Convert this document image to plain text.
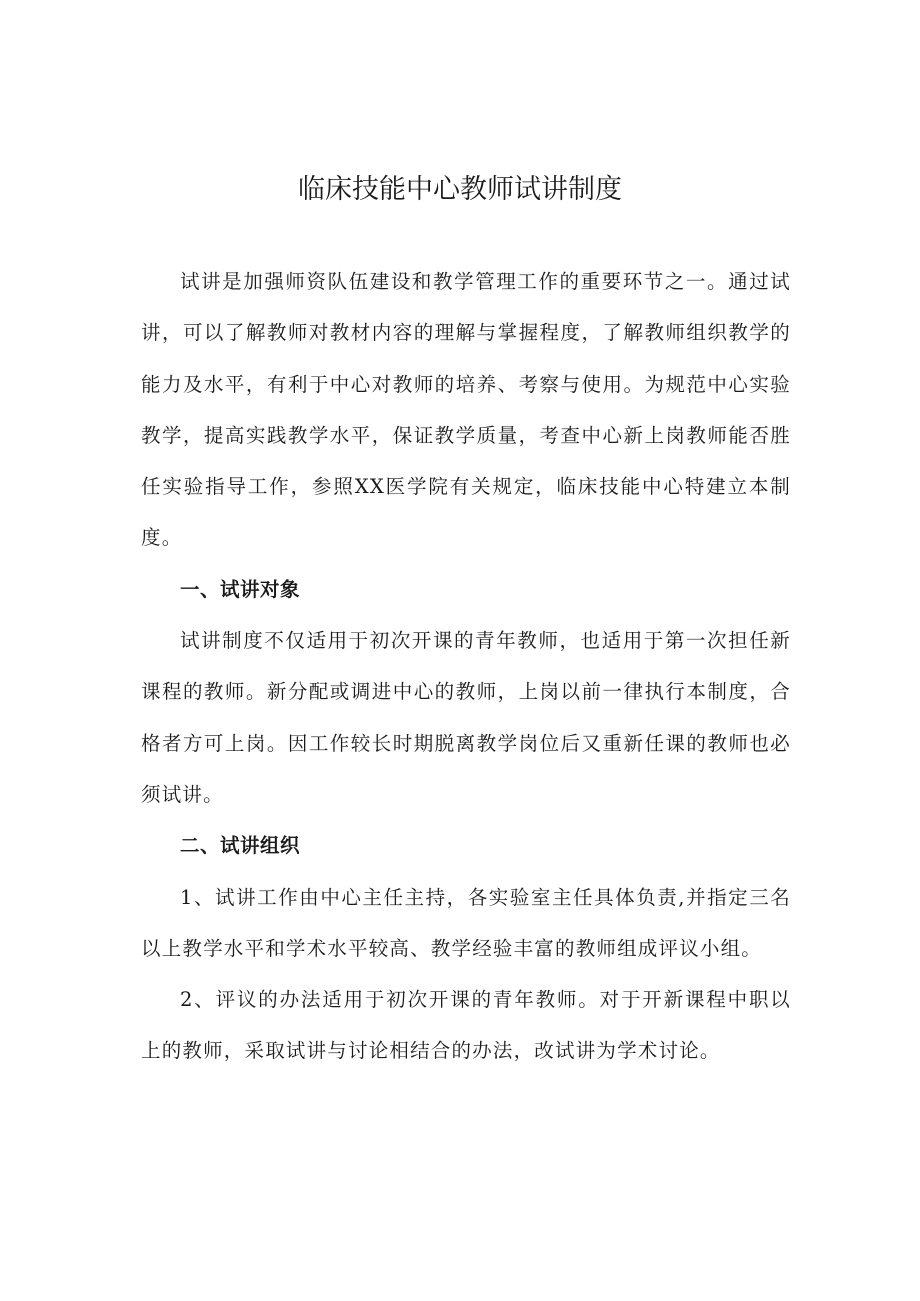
临床技能中心教师试讲制度

试讲是加强师资队伍建设和教学管理工作的重要环节之一。通过试讲，可以了解教师对教材内容的理解与掌握程度，了解教师组织教学的能力及水平，有利于中心对教师的培养、考察与使用。为规范中心实验教学，提高实践教学水平，保证教学质量，考查中心新上岗教师能否胜任实验指导工作，参照XX医学院有关规定，临床技能中心特建立本制度。

一、试讲对象

试讲制度不仅适用于初次开课的青年教师，也适用于第一次担任新课程的教师。新分配或调进中心的教师，上岗以前一律执行本制度，合格者方可上岗。因工作较长时期脱离教学岗位后又重新任课的教师也必须试讲。

二、试讲组织

1、试讲工作由中心主任主持，各实验室主任具体负责,并指定三名以上教学水平和学术水平较高、教学经验丰富的教师组成评议小组。

2、评议的办法适用于初次开课的青年教师。对于开新课程中职以上的教师，采取试讲与讨论相结合的办法，改试讲为学术讨论。
